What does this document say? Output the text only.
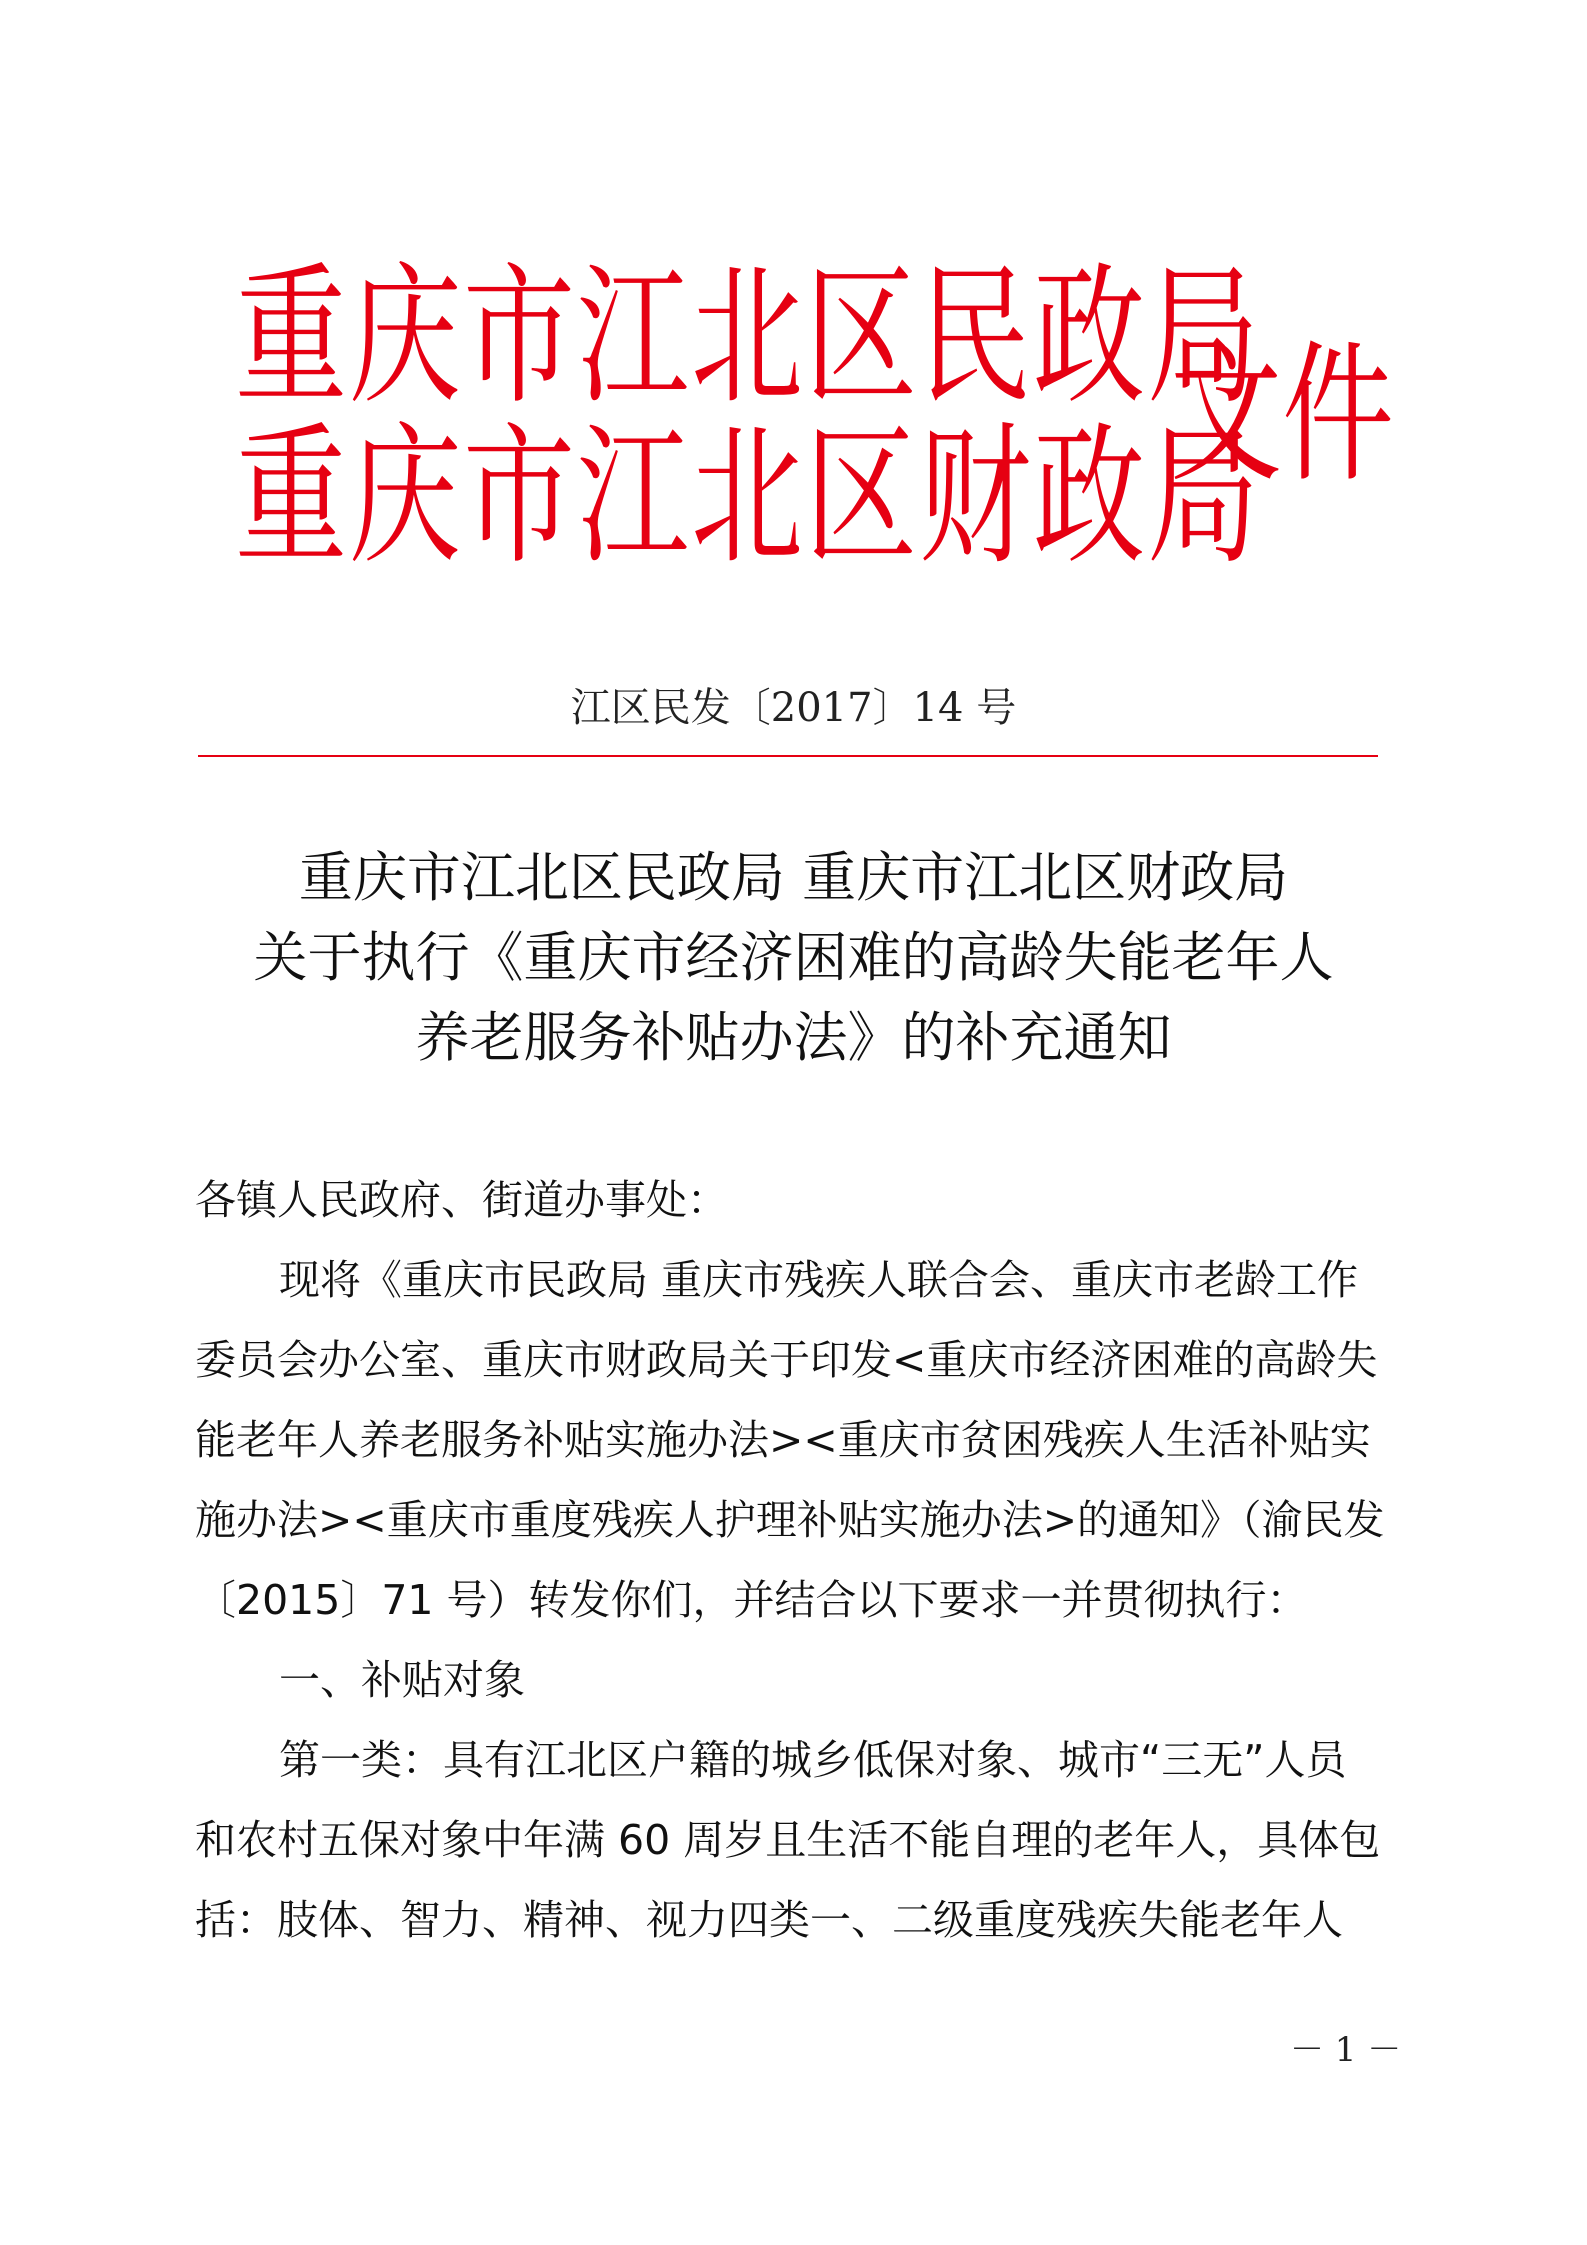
重庆市江北区民政局
重庆市江北区财政局
文件
江区民发〔2017〕14 号
重庆市江北区民政局 重庆市江北区财政局
关于执行《重庆市经济困难的高龄失能老年人
养老服务补贴办法》的补充通知
各镇人民政府、街道办事处：
现将《重庆市民政局 重庆市残疾人联合会、重庆市老龄工作
委员会办公室、重庆市财政局关于印发<重庆市经济困难的高龄失
能老年人养老服务补贴实施办法><重庆市贫困残疾人生活补贴实
施办法><重庆市重度残疾人护理补贴实施办法>的通知》（渝民发
〔2015〕71 号）转发你们，并结合以下要求一并贯彻执行：
一、补贴对象
第一类：具有江北区户籍的城乡低保对象、城市“三无”人员
和农村五保对象中年满 60 周岁且生活不能自理的老年人，具体包
括：肢体、智力、精神、视力四类一、二级重度残疾失能老年人
－ 1 －
